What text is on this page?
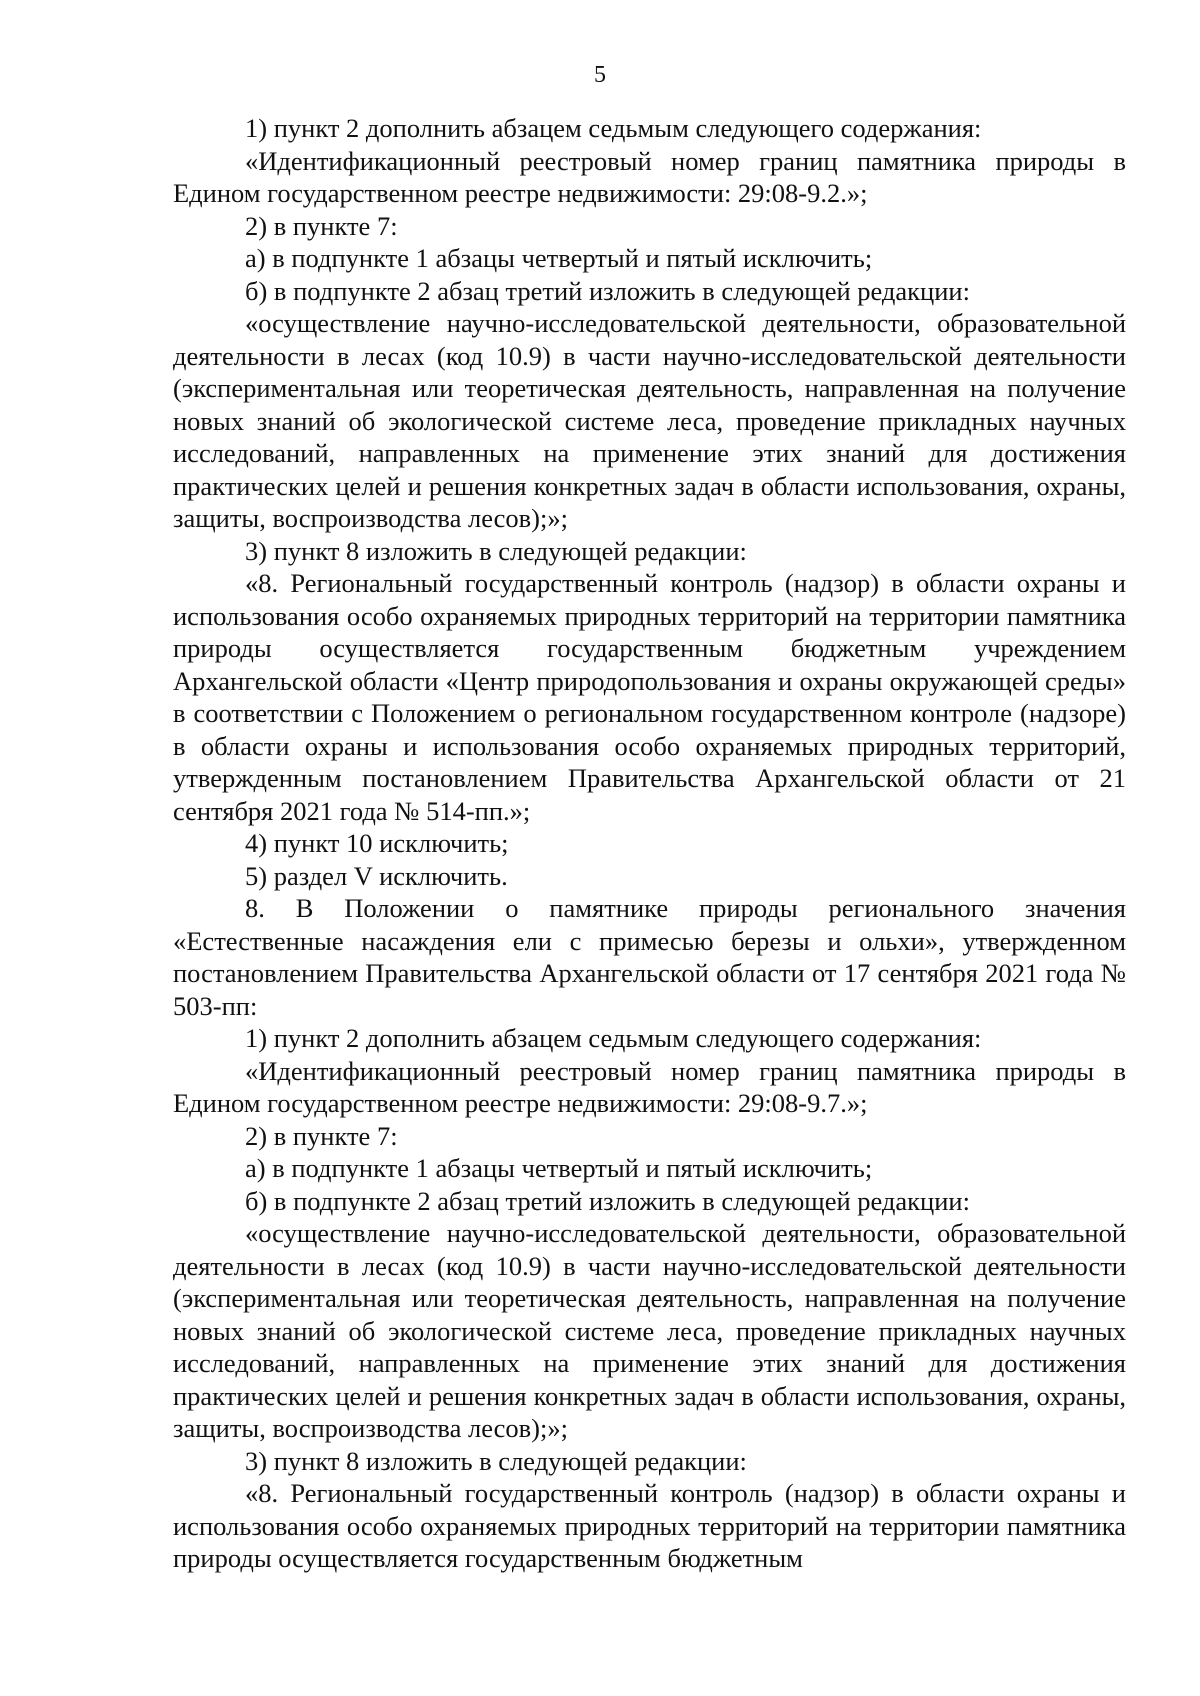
5

1) пункт 2 дополнить абзацем седьмым следующего содержания:

«Идентификационный реестровый номер границ памятника природы в Едином государственном реестре недвижимости: 29:08-9.2.»;

2) в пункте 7:

а) в подпункте 1 абзацы четвертый и пятый исключить;

б) в подпункте 2 абзац третий изложить в следующей редакции:

«осуществление научно-исследовательской деятельности, образовательной деятельности в лесах (код 10.9) в части научно-исследовательской деятельности (экспериментальная или теоретическая деятельность, направленная на получение новых знаний об экологической системе леса, проведение прикладных научных исследований, направленных на применение этих знаний для достижения практических целей и решения конкретных задач в области использования, охраны, защиты, воспроизводства лесов);»;

3) пункт 8 изложить в следующей редакции:

«8. Региональный государственный контроль (надзор) в области охраны и использования особо охраняемых природных территорий на территории памятника природы осуществляется государственным бюджетным учреждением Архангельской области «Центр природопользования и охраны окружающей среды» в соответствии с Положением о региональном государственном контроле (надзоре) в области охраны и использования особо охраняемых природных территорий, утвержденным постановлением Правительства Архангельской области от 21 сентября 2021 года № 514-пп.»;

4) пункт 10 исключить;

5) раздел V исключить.

8. В Положении о памятнике природы регионального значения «Естественные насаждения ели с примесью березы и ольхи», утвержденном постановлением Правительства Архангельской области от 17 сентября 2021 года № 503-пп:

1) пункт 2 дополнить абзацем седьмым следующего содержания:

«Идентификационный реестровый номер границ памятника природы в Едином государственном реестре недвижимости: 29:08-9.7.»;

2) в пункте 7:

а) в подпункте 1 абзацы четвертый и пятый исключить;

б) в подпункте 2 абзац третий изложить в следующей редакции:

«осуществление научно-исследовательской деятельности, образовательной деятельности в лесах (код 10.9) в части научно-исследовательской деятельности (экспериментальная или теоретическая деятельность, направленная на получение новых знаний об экологической системе леса, проведение прикладных научных исследований, направленных на применение этих знаний для достижения практических целей и решения конкретных задач в области использования, охраны, защиты, воспроизводства лесов);»;

3) пункт 8 изложить в следующей редакции:

«8. Региональный государственный контроль (надзор) в области охраны и использования особо охраняемых природных территорий на территории памятника природы осуществляется государственным бюджетным
